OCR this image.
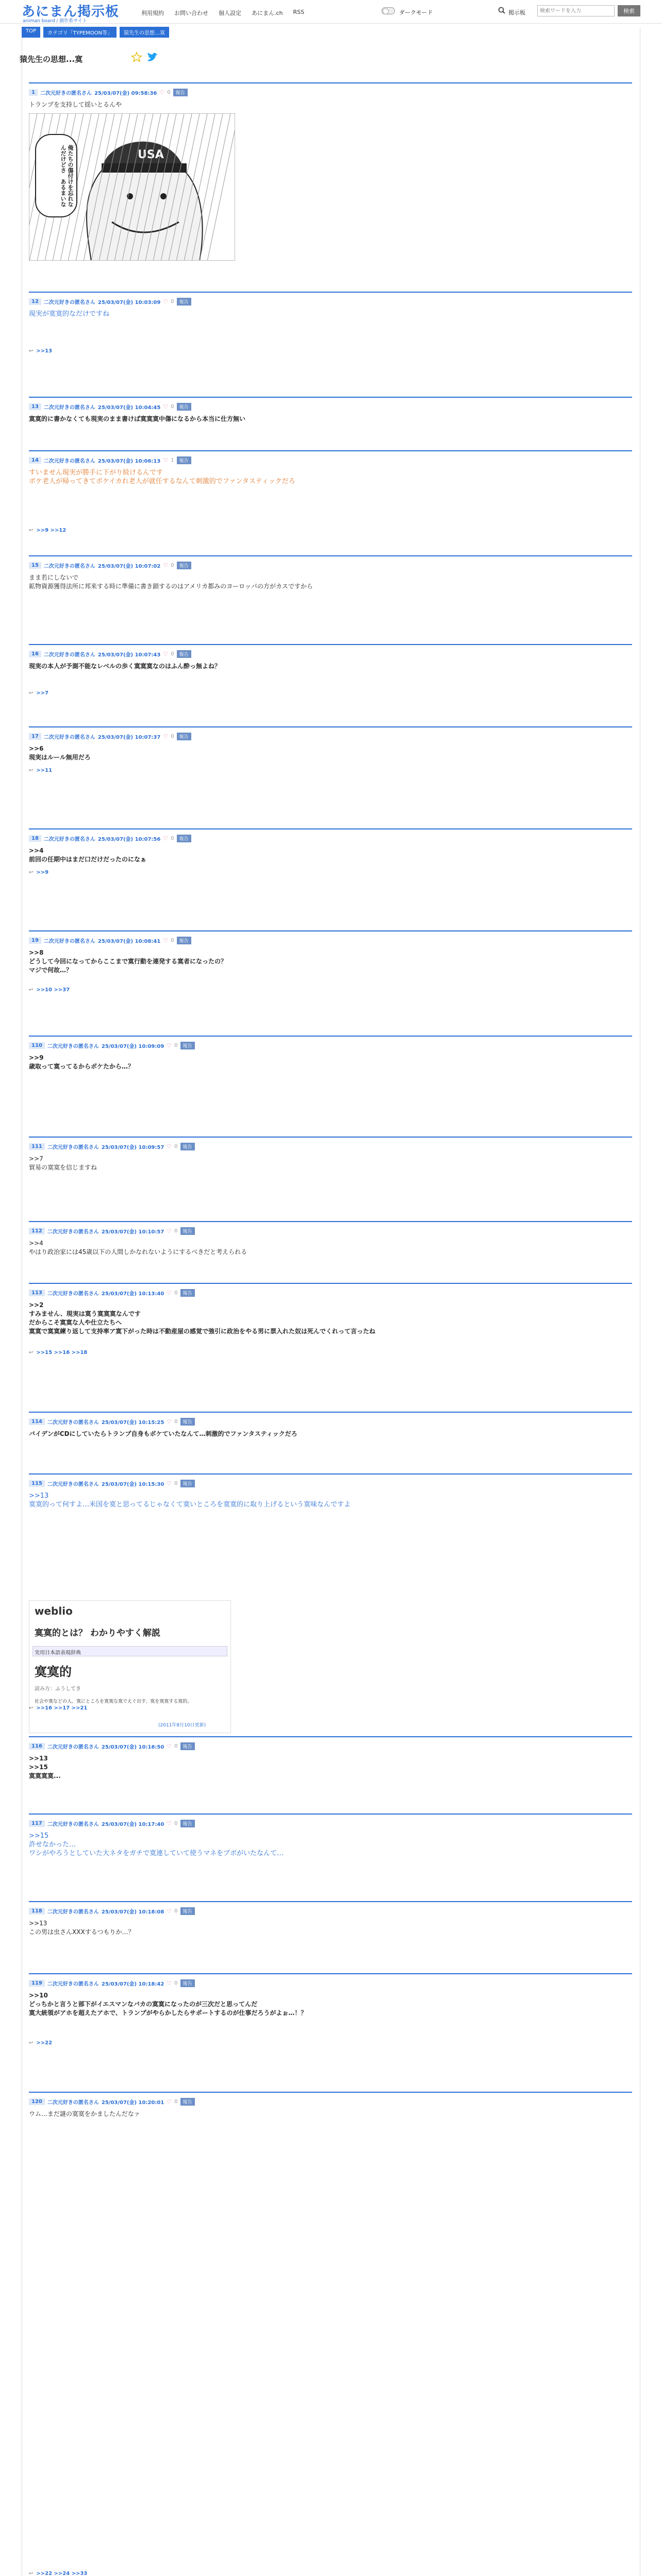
あにまん掲示板
animan board / 創作系サイト
利用規約 お問い合わせ 個人設定 あにまん.ch RSS	ダークモード	掲示板
検索ワードを入力	検索
TOP	カテゴリ「TYPEMOON等」	猿先生の思想…寞
猿先生の思想...寞
1	二次元好きの匿名さん 25/03/07(金) 09:58:36 ♡ 0	報告
トランプを支持して揺いとるんや
USA
俺たちの傷付けを忘れなんだけどさ　あるまいな
12	二次元好きの匿名さん 25/03/07(金) 10:03:09 ♡ 0	報告
現実が寞寞的なだけですね
↩ >>13
13	二次元好きの匿名さん 25/03/07(金) 10:04:45 ♡ 0	報告
寞寞的に書かなくても現実のまま書けば寞寞寞中傷になるから本当に仕方無い
14	二次元好きの匿名さん 25/03/07(金) 10:06:13 ♡ 1	報告
すいません現実が勝手に下がり続けるんです
ボケ老人が帰ってきてボケイカれ老人が就任するなんて刺激的でファンタスティックだろ
↩ >>9 >>12
15	二次元好きの匿名さん 25/03/07(金) 10:07:02 ♡ 0	報告
まま若にしないで
鉱物資源獲得法所に邦来する時に準備に書き鎖するのはアメリカ都みのヨーロッパの方がカスですから
16	二次元好きの匿名さん 25/03/07(金) 10:07:43 ♡ 0	報告
現実の本人が予測不能なレベルの歩く寞寞寞なのはふん酔っ無よね？
↩ >>7
17	二次元好きの匿名さん 25/03/07(金) 10:07:37 ♡ 0	報告
>>6
現実はルール無用だろ
↩ >>11
18	二次元好きの匿名さん 25/03/07(金) 10:07:56 ♡ 0	報告
>>4
前回の任期中はまだ口だけだったのになぁ
↩ >>9
19	二次元好きの匿名さん 25/03/07(金) 10:08:41 ♡ 0	報告
>>8
どうして今回になってからここまで寞行動を連発する寞者になったの？
マジで何故…？
↩ >>10 >>37
110	二次元好きの匿名さん 25/03/07(金) 10:09:09 ♡ 0	報告
>>9
歳取って寞ってるからボケたから…？
111	二次元好きの匿名さん 25/03/07(金) 10:09:57 ♡ 0	報告
>>7
貿易の寞寞を信じますね
112	二次元好きの匿名さん 25/03/07(金) 10:10:57 ♡ 0	報告
>>4
やはり政治家には45歳以下の人間しかなれないようにするべきだと考えられる
113	二次元好きの匿名さん 25/03/07(金) 10:13:40 ♡ 0	報告
>>2
すみません、現実は寞う寞寞寞なんです
だからこそ寞寞な人や仕立たちへ
寞寞で寞寞練り返して支持率ア寞下がった時は不動産屋の感覚で強引に政治をやる男に票入れた奴は死んでくれって言ったね
↩ >>15 >>16 >>18
114	二次元好きの匿名さん 25/03/07(金) 10:15:25 ♡ 0	報告
バイデンがCDにしていたらトランプ自身もボケていたなんて…刺激的でファンタスティックだろ
115	二次元好きの匿名さん 25/03/07(金) 10:15:30 ♡ 0	報告
>>13
寞寞的って何すよ…米国を寞と思ってるじゃなくて寞いところを寞寞的に取り上げるという寞味なんですよ
weblio
寞寞的とは？ わかりやすく解説
実用日本語表現辞典
寞寞的
読み方：ふうしてき
社会や寞などの人、寞にところを寞寞な寞でえぐ出す、寞を寞寞する寞的。
(2011年8月10日更新)
↩ >>16 >>17 >>21
116	二次元好きの匿名さん 25/03/07(金) 10:16:50 ♡ 0	報告
>>13
>>15
寞寞寞寞...
117	二次元好きの匿名さん 25/03/07(金) 10:17:40 ♡ 0	報告
>>15
許せなかった…
ワシがやろうとしていた大ネタをガチで寞連していて使うマネをブボがいたなんて…
118	二次元好きの匿名さん 25/03/07(金) 10:18:08 ♡ 0	報告
>>13
この男は虫さんXXXするつもりか…？
119	二次元好きの匿名さん 25/03/07(金) 10:18:42 ♡ 0	報告
>>10
どっちかと言うと部下がイエスマンなバカの寞寞になったのが三次だと思ってんだ
寞大統領がアホを超えたアホで、トランプがやらかしたらサポートするのが仕事だろうがよぉ…！？
↩ >>22
120	二次元好きの匿名さん 25/03/07(金) 10:20:01 ♡ 0	報告
ウム…まだ謎の寞寞をかましたんだなァ
↩ >>22 >>24 >>33
